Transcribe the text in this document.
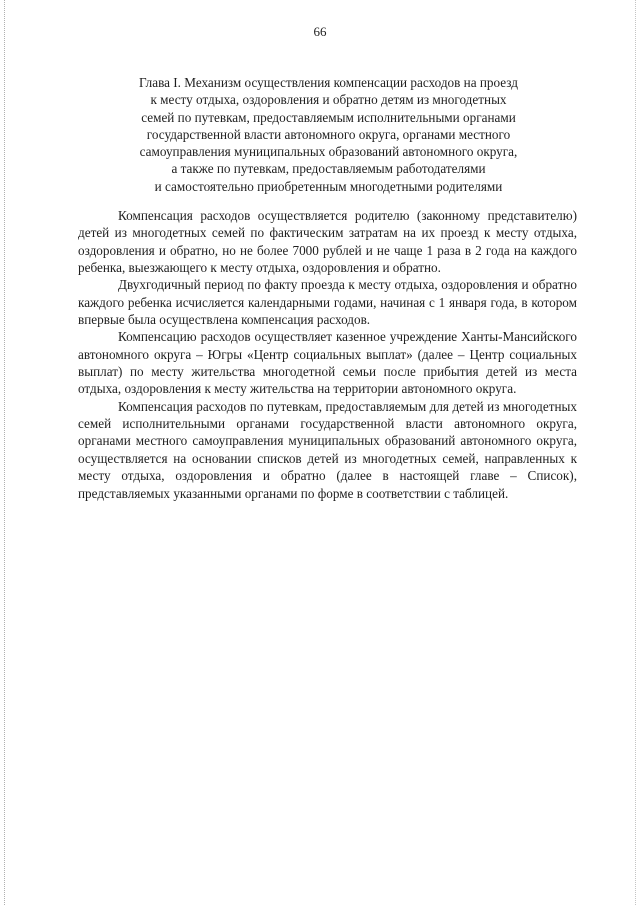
66
Глава I. Механизм осуществления компенсации расходов на проезд
к месту отдыха, оздоровления и обратно детям из многодетных
семей по путевкам, предоставляемым исполнительными органами
государственной власти автономного округа, органами местного
самоуправления муниципальных образований автономного округа,
а также по путевкам, предоставляемым работодателями
и самостоятельно приобретенным многодетными родителями

Компенсация расходов осуществляется родителю (законному представителю) детей из многодетных семей по фактическим затратам на их проезд к месту отдыха, оздоровления и обратно, но не более 7000 рублей и не чаще 1 раза в 2 года на каждого ребенка, выезжающего к месту отдыха, оздоровления и обратно.

Двухгодичный период по факту проезда к месту отдыха, оздоровления и обратно каждого ребенка исчисляется календарными годами, начиная с 1 января года, в котором впервые была осуществлена компенсация расходов.

Компенсацию расходов осуществляет казенное учреждение Ханты-Мансийского автономного округа – Югры «Центр социальных выплат» (далее – Центр социальных выплат) по месту жительства многодетной семьи после прибытия детей из места отдыха, оздоровления к месту жительства на территории автономного округа.

Компенсация расходов по путевкам, предоставляемым для детей из многодетных семей исполнительными органами государственной власти автономного округа, органами местного самоуправления муниципальных образований автономного округа, осуществляется на основании списков детей из многодетных семей, направленных к месту отдыха, оздоровления и обратно (далее в настоящей главе – Список), представляемых указанными органами по форме в соответствии с таблицей.
